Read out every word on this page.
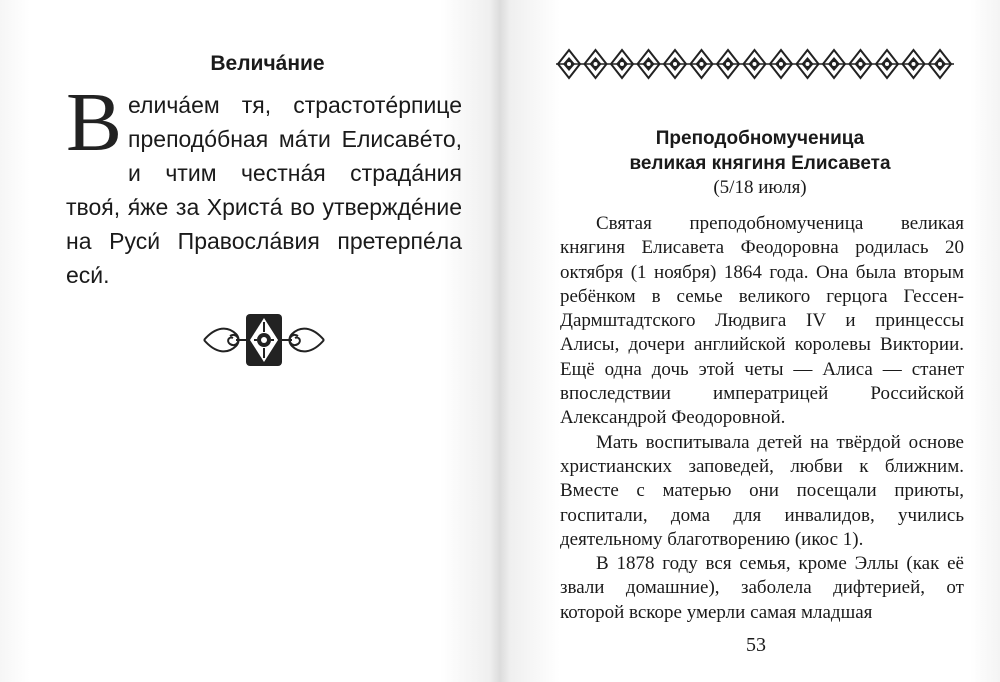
Величáние
Величáем тя, страстотéрпице преподóбная мáти Елисавéто, и чтим честнáя страдáния твоя́, я́же за Христá во утверждéние на Руси́ Правослáвия претерпéла еси́.
Преподобномученица
великая княгиня Елисавета
(5/18 июля)

Святая преподобномученица великая княгиня Елисавета Феодоровна родилась 20 октября (1 ноября) 1864 года. Она была вторым ребёнком в семье великого герцога Гессен-Дармштадтского Людвига IV и принцессы Алисы, дочери английской королевы Виктории. Ещё одна дочь этой четы — Алиса — станет впоследствии императрицей Российской Александрой Феодоровной.

Мать воспитывала детей на твёрдой основе христианских заповедей, любви к ближним. Вместе с матерью они посещали приюты, госпитали, дома для инвалидов, учились деятельному благотворению (икос 1).

В 1878 году вся семья, кроме Эллы (как её звали домашние), заболела дифтерией, от которой вскоре умерли самая младшая

53
